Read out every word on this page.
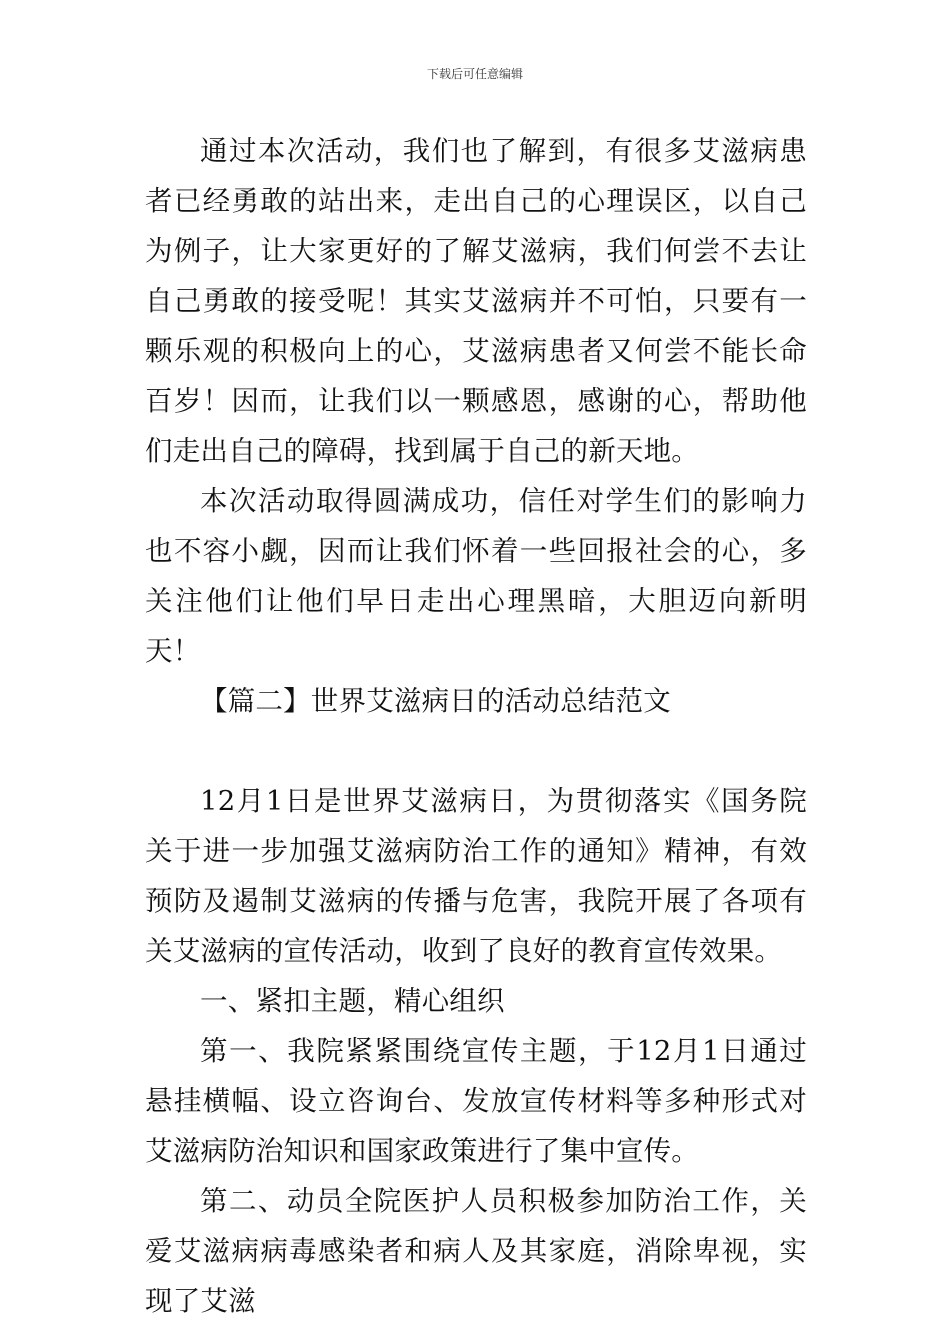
下载后可任意编辑

通过本次活动，我们也了解到，有很多艾滋病患者已经勇敢的站出来，走出自己的心理误区，以自己为例子，让大家更好的了解艾滋病，我们何尝不去让自己勇敢的接受呢！其实艾滋病并不可怕，只要有一颗乐观的积极向上的心，艾滋病患者又何尝不能长命百岁！因而，让我们以一颗感恩，感谢的心，帮助他们走出自己的障碍，找到属于自己的新天地。

本次活动取得圆满成功，信任对学生们的影响力也不容小觑，因而让我们怀着一些回报社会的心，多关注他们让他们早日走出心理黑暗，大胆迈向新明天！

【篇二】世界艾滋病日的活动总结范文

12月1日是世界艾滋病日，为贯彻落实《国务院关于进一步加强艾滋病防治工作的通知》精神，有效预防及遏制艾滋病的传播与危害，我院开展了各项有关艾滋病的宣传活动，收到了良好的教育宣传效果。

一、紧扣主题，精心组织

第一、我院紧紧围绕宣传主题，于12月1日通过悬挂横幅、设立咨询台、发放宣传材料等多种形式对艾滋病防治知识和国家政策进行了集中宣传。

第二、动员全院医护人员积极参加防治工作，关爱艾滋病病毒感染者和病人及其家庭，消除卑视，实现了艾滋
